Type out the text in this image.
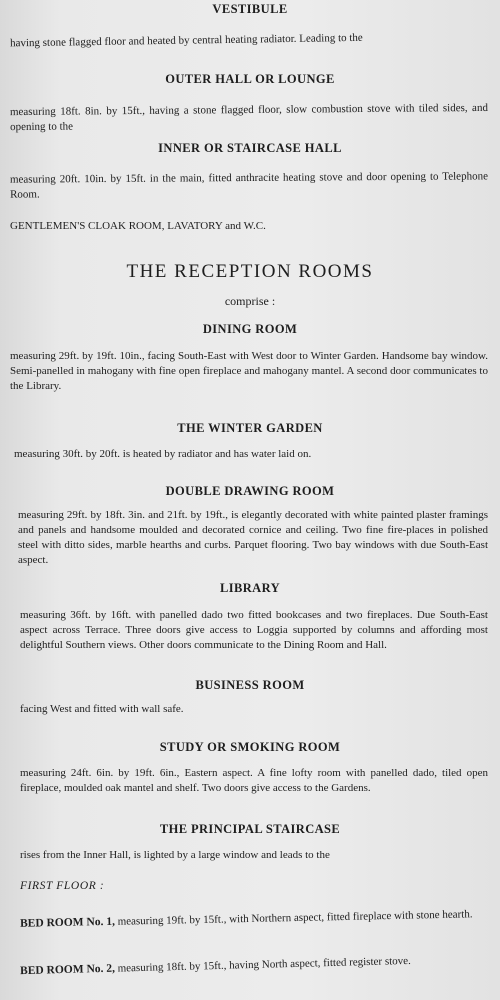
VESTIBULE

having stone flagged floor and heated by central heating radiator. Leading to the

OUTER HALL OR LOUNGE

measuring 18ft. 8in. by 15ft., having a stone flagged floor, slow combustion stove with tiled sides, and opening to the

INNER OR STAIRCASE HALL

measuring 20ft. 10in. by 15ft. in the main, fitted anthracite heating stove and door opening to Telephone Room.

GENTLEMEN'S CLOAK ROOM, LAVATORY and W.C.

THE RECEPTION ROOMS

comprise :

DINING ROOM

measuring 29ft. by 19ft. 10in., facing South-East with West door to Winter Garden. Handsome bay window. Semi-panelled in mahogany with fine open fireplace and mahogany mantel. A second door communicates to the Library.

THE WINTER GARDEN

measuring 30ft. by 20ft. is heated by radiator and has water laid on.

DOUBLE DRAWING ROOM

measuring 29ft. by 18ft. 3in. and 21ft. by 19ft., is elegantly decorated with white painted plaster framings and panels and handsome moulded and decorated cornice and ceiling. Two fine fire-places in polished steel with ditto sides, marble hearths and curbs. Parquet flooring. Two bay windows with due South-East aspect.

LIBRARY

measuring 36ft. by 16ft. with panelled dado two fitted bookcases and two fireplaces. Due South-East aspect across Terrace. Three doors give access to Loggia supported by columns and affording most delightful Southern views. Other doors communicate to the Dining Room and Hall.

BUSINESS ROOM

facing West and fitted with wall safe.

STUDY OR SMOKING ROOM

measuring 24ft. 6in. by 19ft. 6in., Eastern aspect. A fine lofty room with panelled dado, tiled open fireplace, moulded oak mantel and shelf. Two doors give access to the Gardens.

THE PRINCIPAL STAIRCASE

rises from the Inner Hall, is lighted by a large window and leads to the

FIRST FLOOR :

BED ROOM No. 1, measuring 19ft. by 15ft., with Northern aspect, fitted fireplace with stone hearth.

BED ROOM No. 2, measuring 18ft. by 15ft., having North aspect, fitted register stove.
